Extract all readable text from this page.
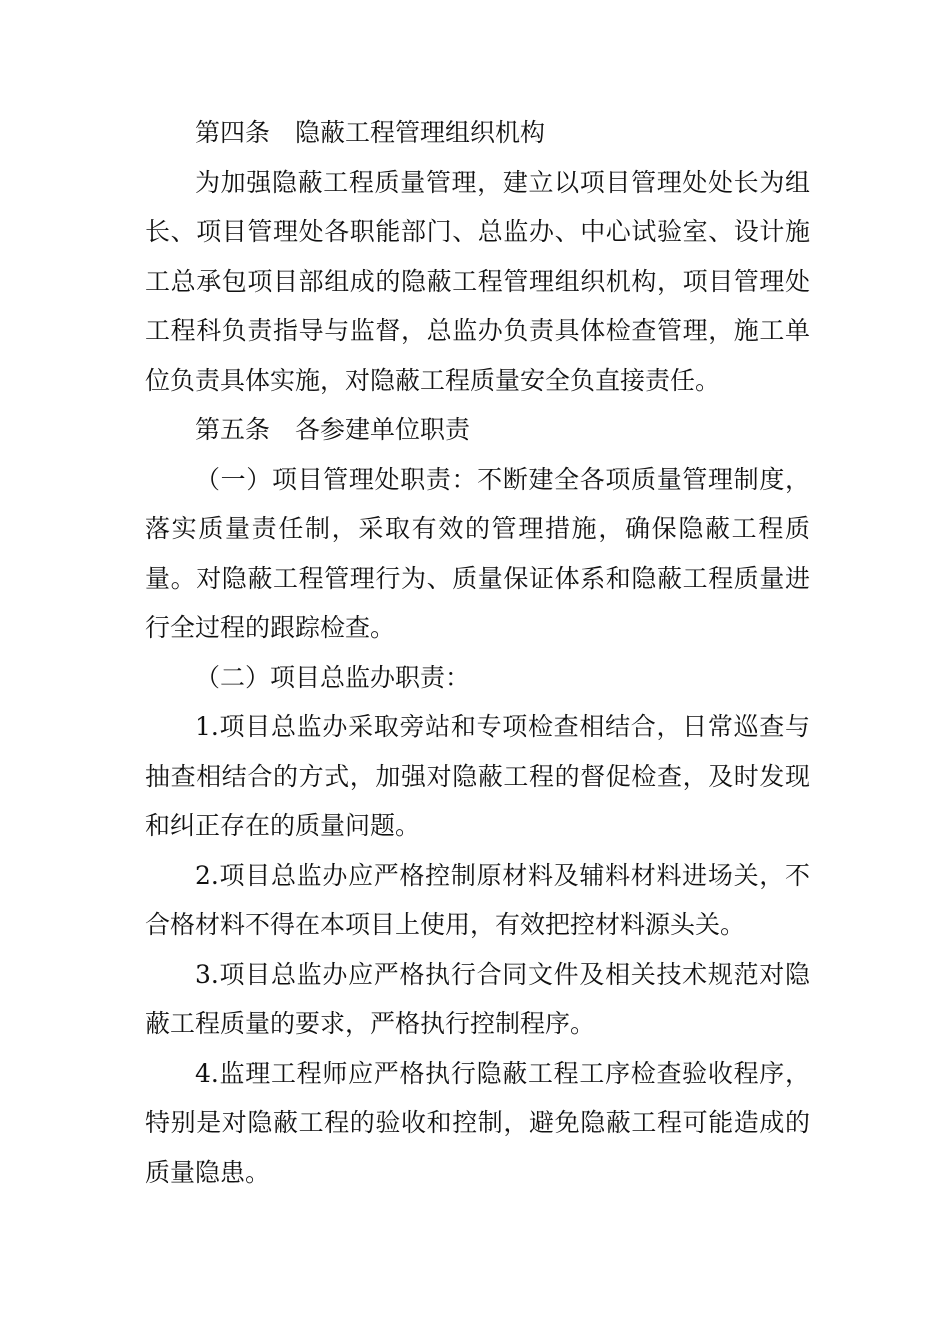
第四条 隐蔽工程管理组织机构

为加强隐蔽工程质量管理，建立以项目管理处处长为组长、项目管理处各职能部门、总监办、中心试验室、设计施工总承包项目部组成的隐蔽工程管理组织机构，项目管理处工程科负责指导与监督，总监办负责具体检查管理，施工单位负责具体实施，对隐蔽工程质量安全负直接责任。

第五条 各参建单位职责

（一）项目管理处职责：不断建全各项质量管理制度，落实质量责任制，采取有效的管理措施，确保隐蔽工程质量。对隐蔽工程管理行为、质量保证体系和隐蔽工程质量进行全过程的跟踪检查。

（二）项目总监办职责：

1.项目总监办采取旁站和专项检查相结合，日常巡查与抽查相结合的方式，加强对隐蔽工程的督促检查，及时发现和纠正存在的质量问题。

2.项目总监办应严格控制原材料及辅料材料进场关，不合格材料不得在本项目上使用，有效把控材料源头关。

3.项目总监办应严格执行合同文件及相关技术规范对隐蔽工程质量的要求，严格执行控制程序。

4.监理工程师应严格执行隐蔽工程工序检查验收程序，特别是对隐蔽工程的验收和控制，避免隐蔽工程可能造成的质量隐患。
